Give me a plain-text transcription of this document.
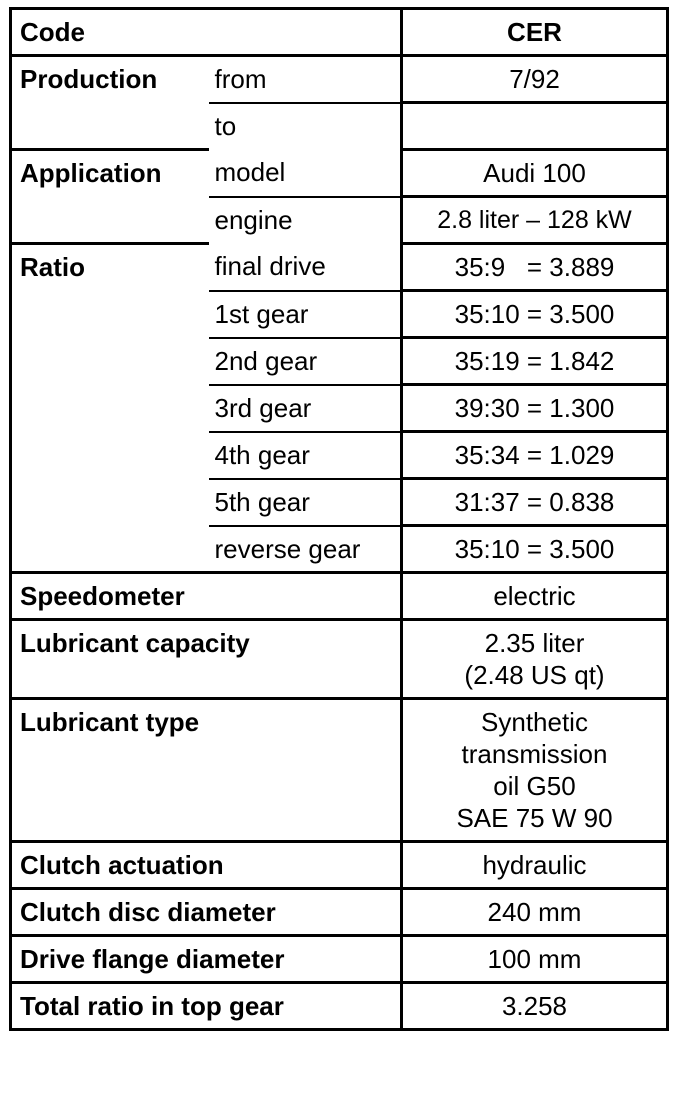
Code		CER
Production	from	7/92
	to	
Application	model	Audi 100
	engine	2.8 liter – 128 kW
Ratio	final drive	35:9   = 3.889
	1st gear	35:10 = 3.500
	2nd gear	35:19 = 1.842
	3rd gear	39:30 = 1.300
	4th gear	35:34 = 1.029
	5th gear	31:37 = 0.838
	reverse gear	35:10 = 3.500
Speedometer		electric
Lubricant capacity		2.35 liter
(2.48 US qt)

Lubricant type		Synthetic
transmission
oil G50
SAE 75 W 90

Clutch actuation		hydraulic
Clutch disc diameter		240 mm
Drive flange diameter		100 mm
Total ratio in top gear		3.258
